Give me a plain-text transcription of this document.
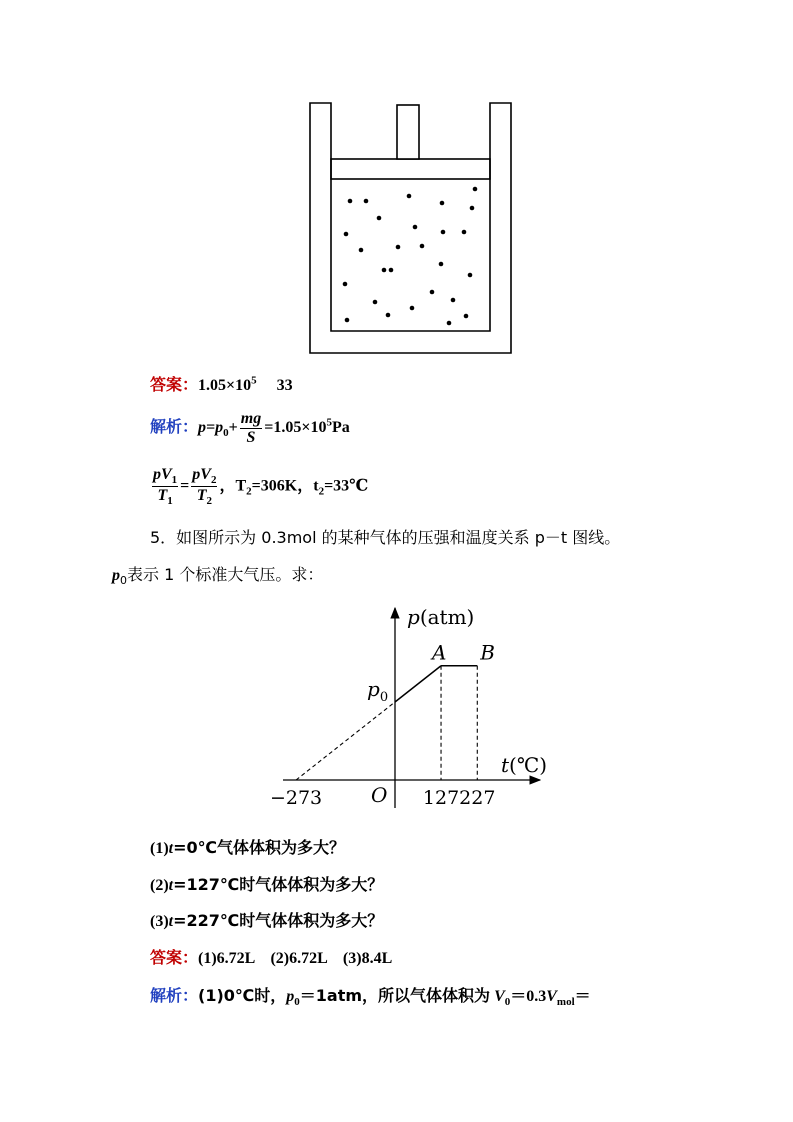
答案：$1.05\times 10^5$ 33
解析：$p=p_0+ \frac{mg}{S} =1.05\times 10^5Pa$
$\frac{pV_1}{T_1} = \frac{pV_2}{T_2}$ ，$T_2=306K$，$t_2=33℃$
5．如图所示为 0.3mol 的某种气体的压强和温度关系 p－t 图线。
$p_0$表示 1 个标准大气压。求：
A B
−273	127 227
p(atm)
t(℃)
O
$p_0$
(1)t=0℃气体体积为多大？
(2)t=127℃时气体体积为多大？
(3)t=227℃时气体体积为多大？
答案：(1)6.72L　(2)6.72L　(3)8.4L
解析：(1)0℃时，$p_0=1atm$，所以气体体积为 $V_0=0.3V_{mol}=$
